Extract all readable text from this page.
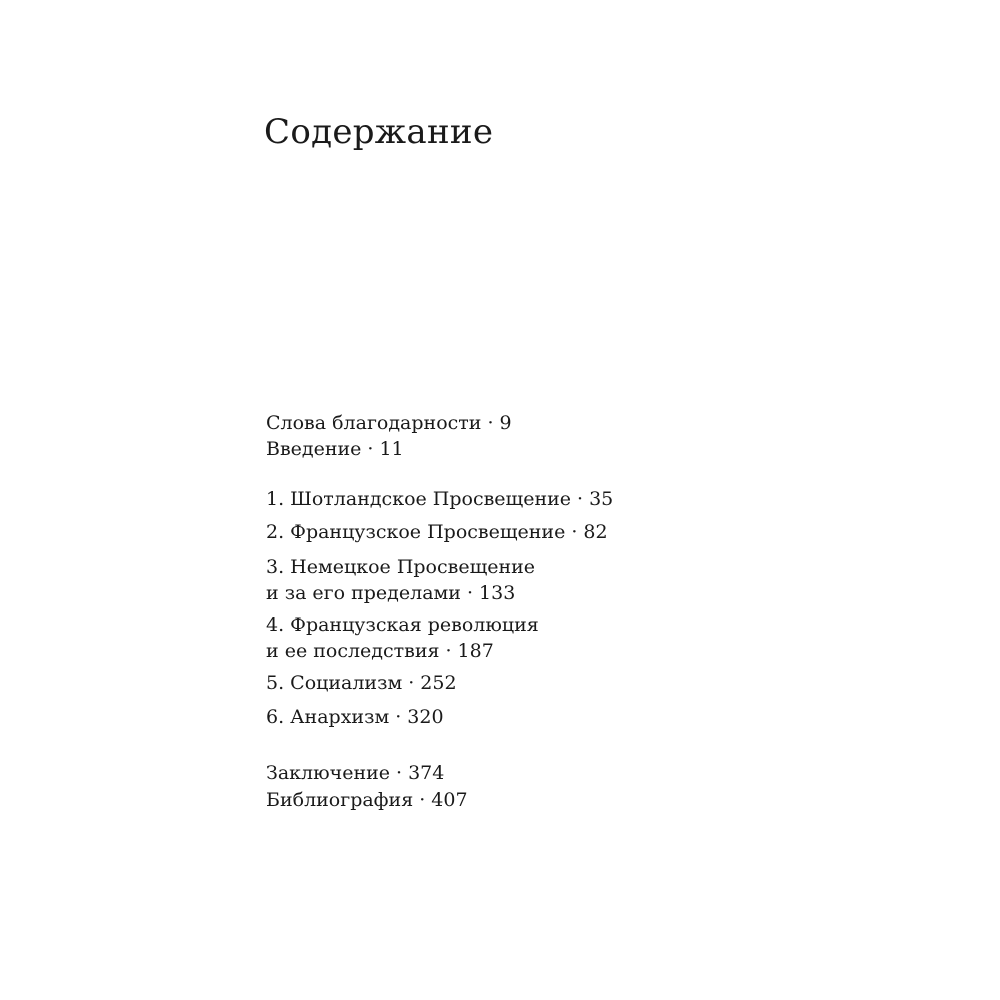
Содержание
Слова благодарности · 9
Введение · 11
1. Шотландское Просвещение · 35
2. Французское Просвещение · 82
3. Немецкое Просвещение
и за его пределами · 133
4. Французская революция
и ее последствия · 187
5. Социализм · 252
6. Анархизм · 320
Заключение · 374
Библиография · 407
